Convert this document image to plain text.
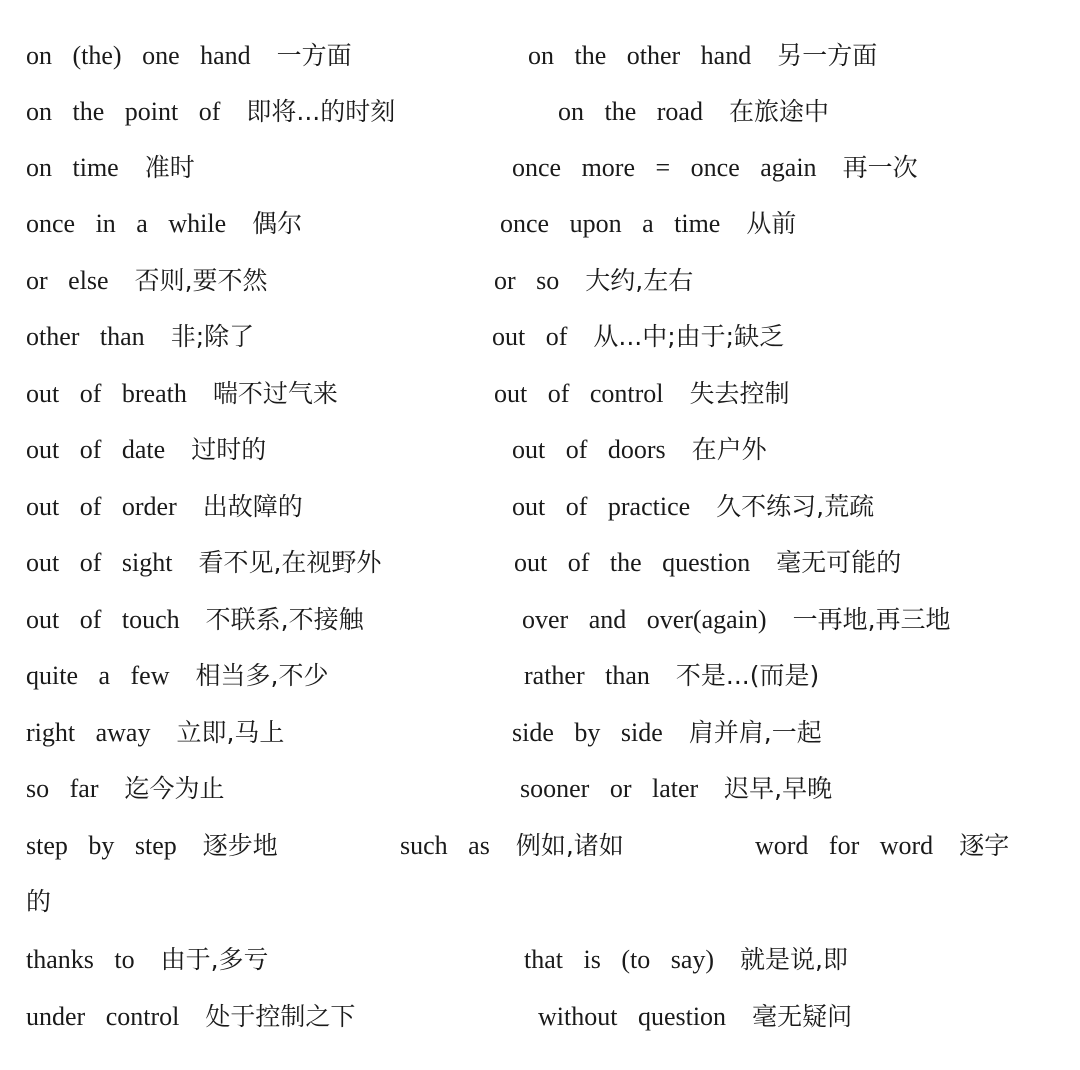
on (the) one hand 一方面	on the other hand 另一方面
on the point of 即将...的时刻	on the road 在旅途中
on time 准时	once more = once again 再一次
once in a while 偶尔	once upon a time 从前
or else 否则,要不然	or so 大约,左右
other than 非;除了	out of 从...中;由于;缺乏
out of breath 喘不过气来	out of control 失去控制
out of date 过时的	out of doors 在户外
out of order 出故障的	out of practice 久不练习,荒疏
out of sight 看不见,在视野外	out of the question 毫无可能的
out of touch 不联系,不接触	over and over(again) 一再地,再三地
quite a few 相当多,不少	rather than 不是...(而是)
right away 立即,马上	side by side 肩并肩,一起
so far 迄今为止	sooner or later 迟早,早晚
step by step 逐步地	such as 例如,诸如	word for word 逐字
的
thanks to 由于,多亏	that is (to say) 就是说,即
under control 处于控制之下	without question 毫无疑问
